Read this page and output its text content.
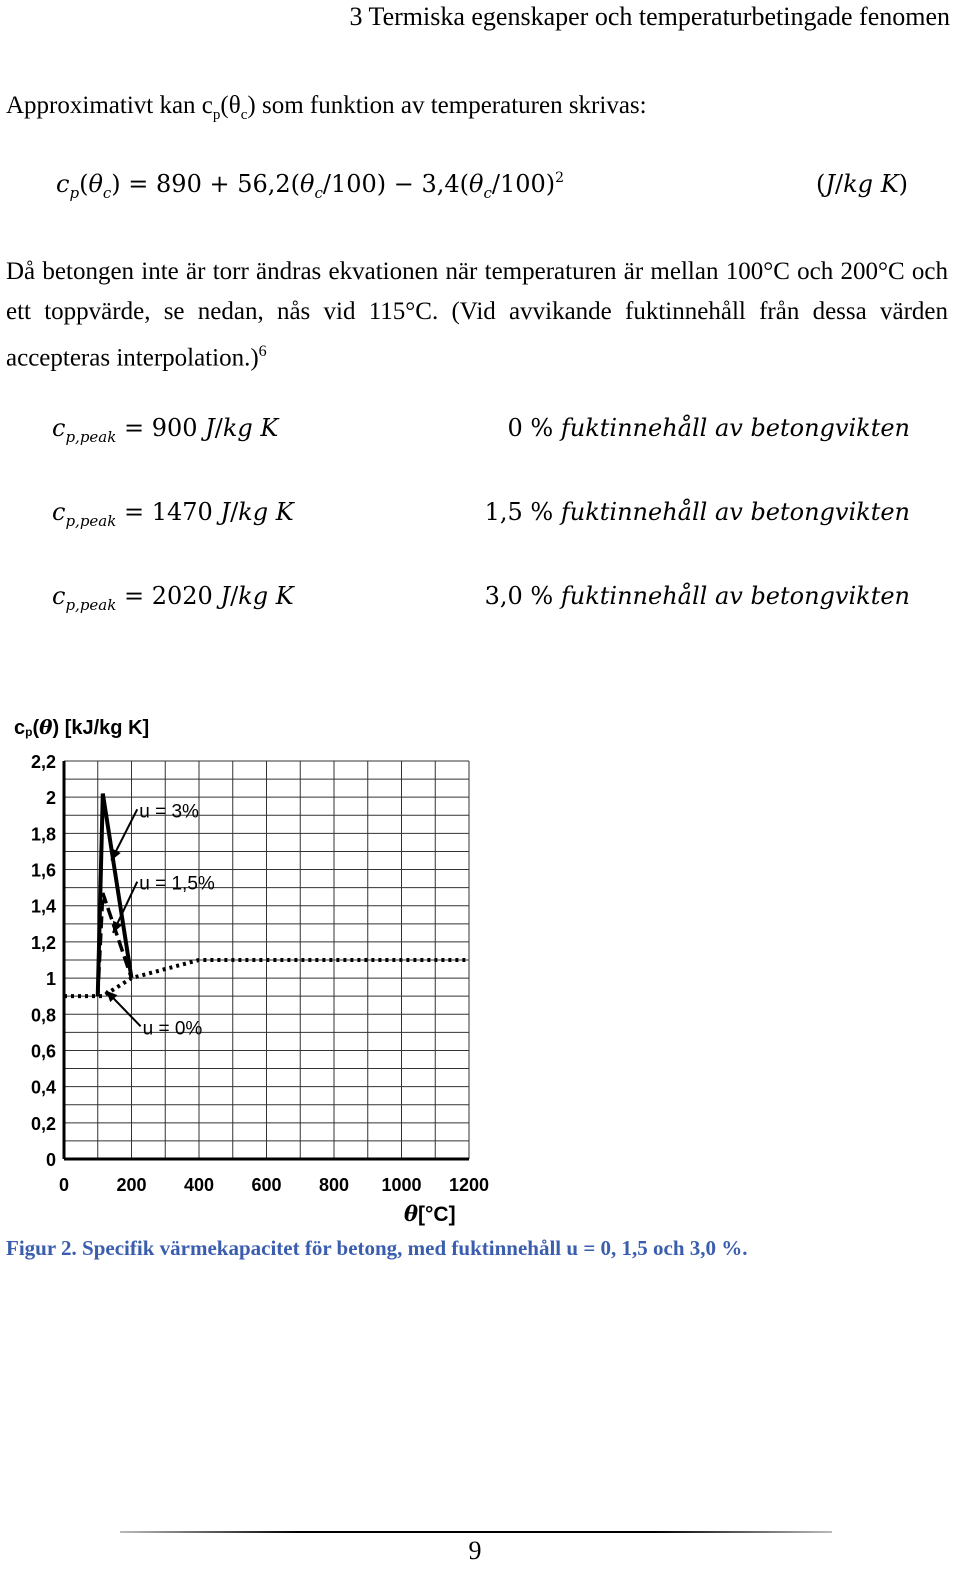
3 Termiska egenskaper och temperaturbetingade fenomen
Approximativt kan $c_p(\theta_c)$ som funktion av temperaturen skrivas:
$c_p(\theta_c) = 890 + 56,2(\theta_c/100) - 3,4(\theta_c/100)^2$	(J/kg K)
Då betongen inte är torr ändras ekvationen när temperaturen är mellan 100°C och 200°C och ett toppvärde, se nedan, nås vid 115°C. (Vid avvikande fuktinnehåll från dessa värden accepteras interpolation.)$^6$
$c_{p,peak} = 900$ J/kg K	0 % fuktinnehåll av betongvikten
$c_{p,peak} = 1470$ J/kg K	1,5 % fuktinnehåll av betongvikten
$c_{p,peak} = 2020$ J/kg K	3,0 % fuktinnehåll av betongvikten
cp(θ) [kJ/kg K]
0
0,2
0,4
0,6
0,8
1
1,2
1,4
1,6
1,8
2
2,2
0	200 400 600 800 1000 1200
u = 3%
u = 1,5%
u = 0%
θ[°C]
Figur 2. Specifik värmekapacitet för betong, med fuktinnehåll u = 0, 1,5 och 3,0 %.
9
